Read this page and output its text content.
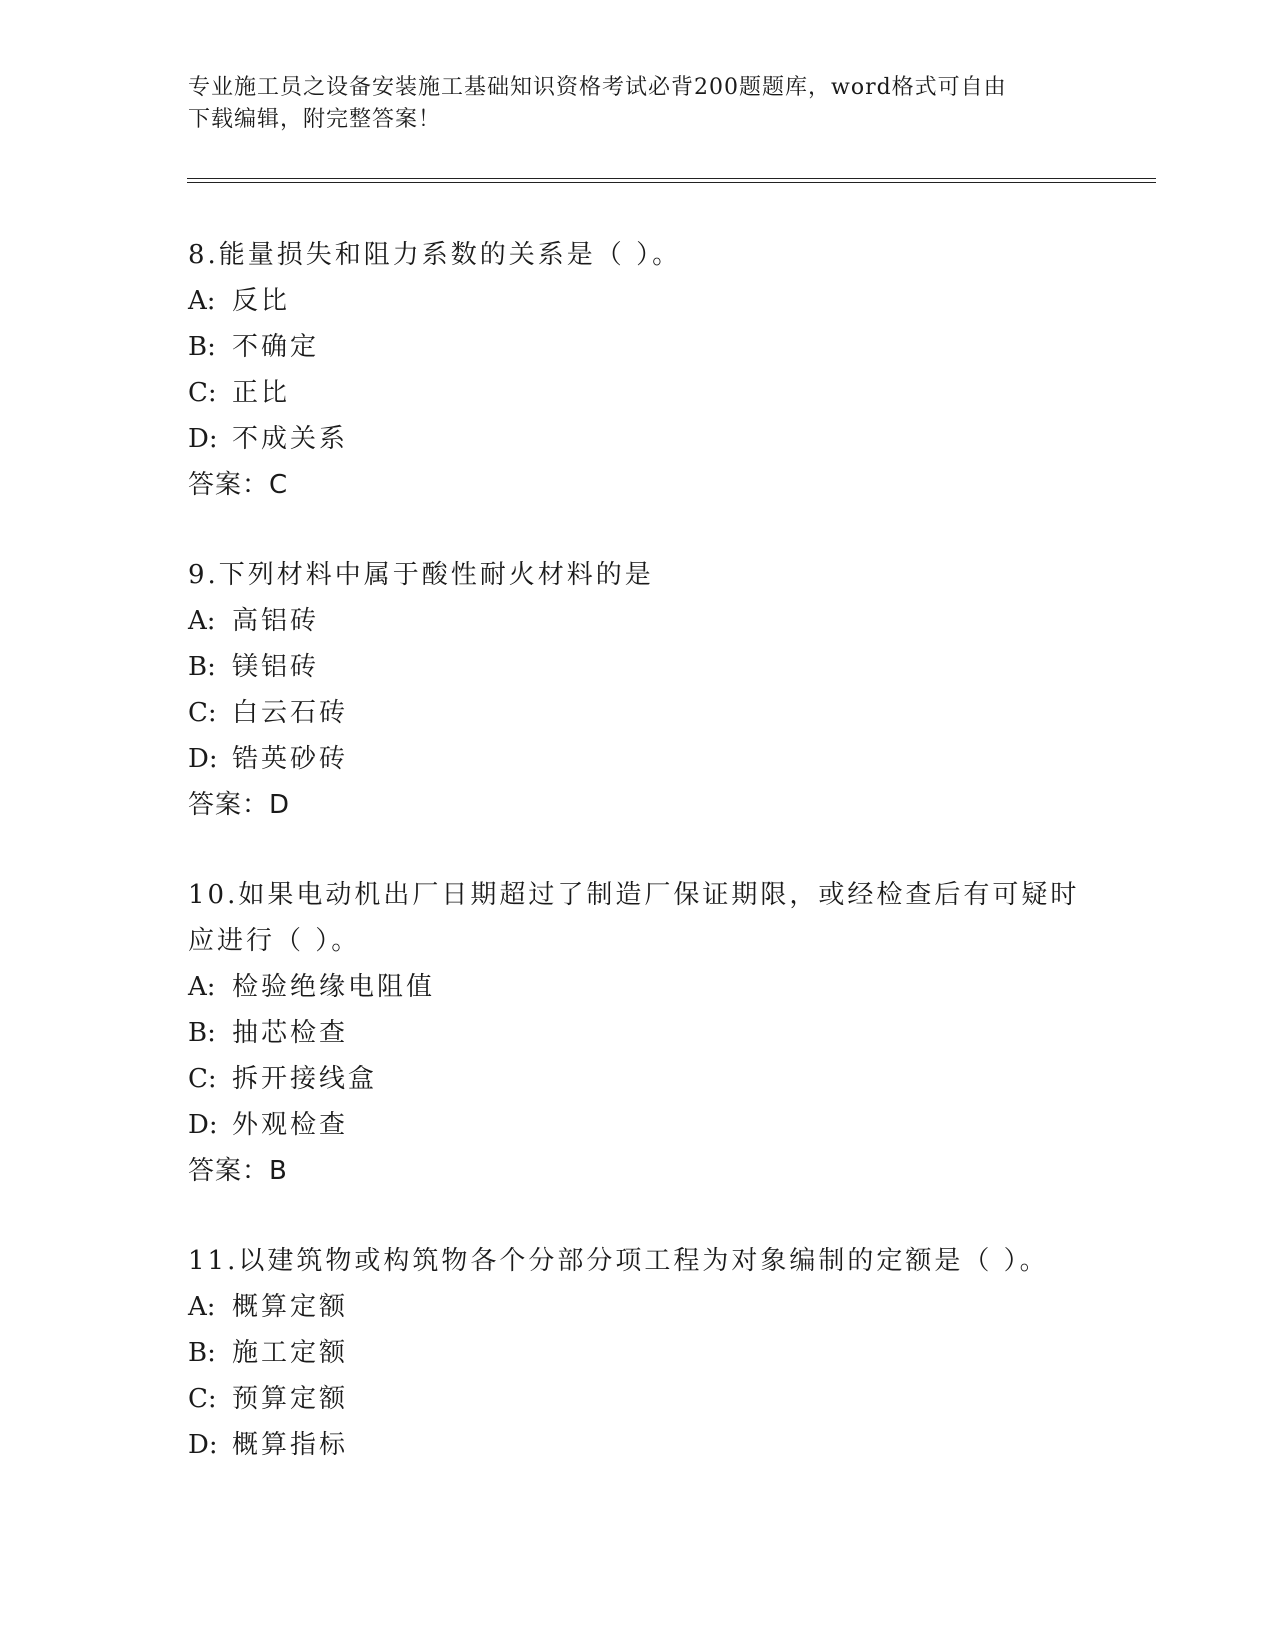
专业施工员之设备安装施工基础知识资格考试必背200题题库，word格式可自由
下载编辑，附完整答案！
8.能量损失和阻力系数的关系是（ ）。
A: 反比
B: 不确定
C: 正比
D: 不成关系
答案：C
9.下列材料中属于酸性耐火材料的是
A: 高铝砖
B: 镁铝砖
C: 白云石砖
D: 锆英砂砖
答案：D
10.如果电动机出厂日期超过了制造厂保证期限，或经检查后有可疑时
应进行（ ）。
A: 检验绝缘电阻值
B: 抽芯检查
C: 拆开接线盒
D: 外观检查
答案：B
11.以建筑物或构筑物各个分部分项工程为对象编制的定额是（ ）。
A: 概算定额
B: 施工定额
C: 预算定额
D: 概算指标
